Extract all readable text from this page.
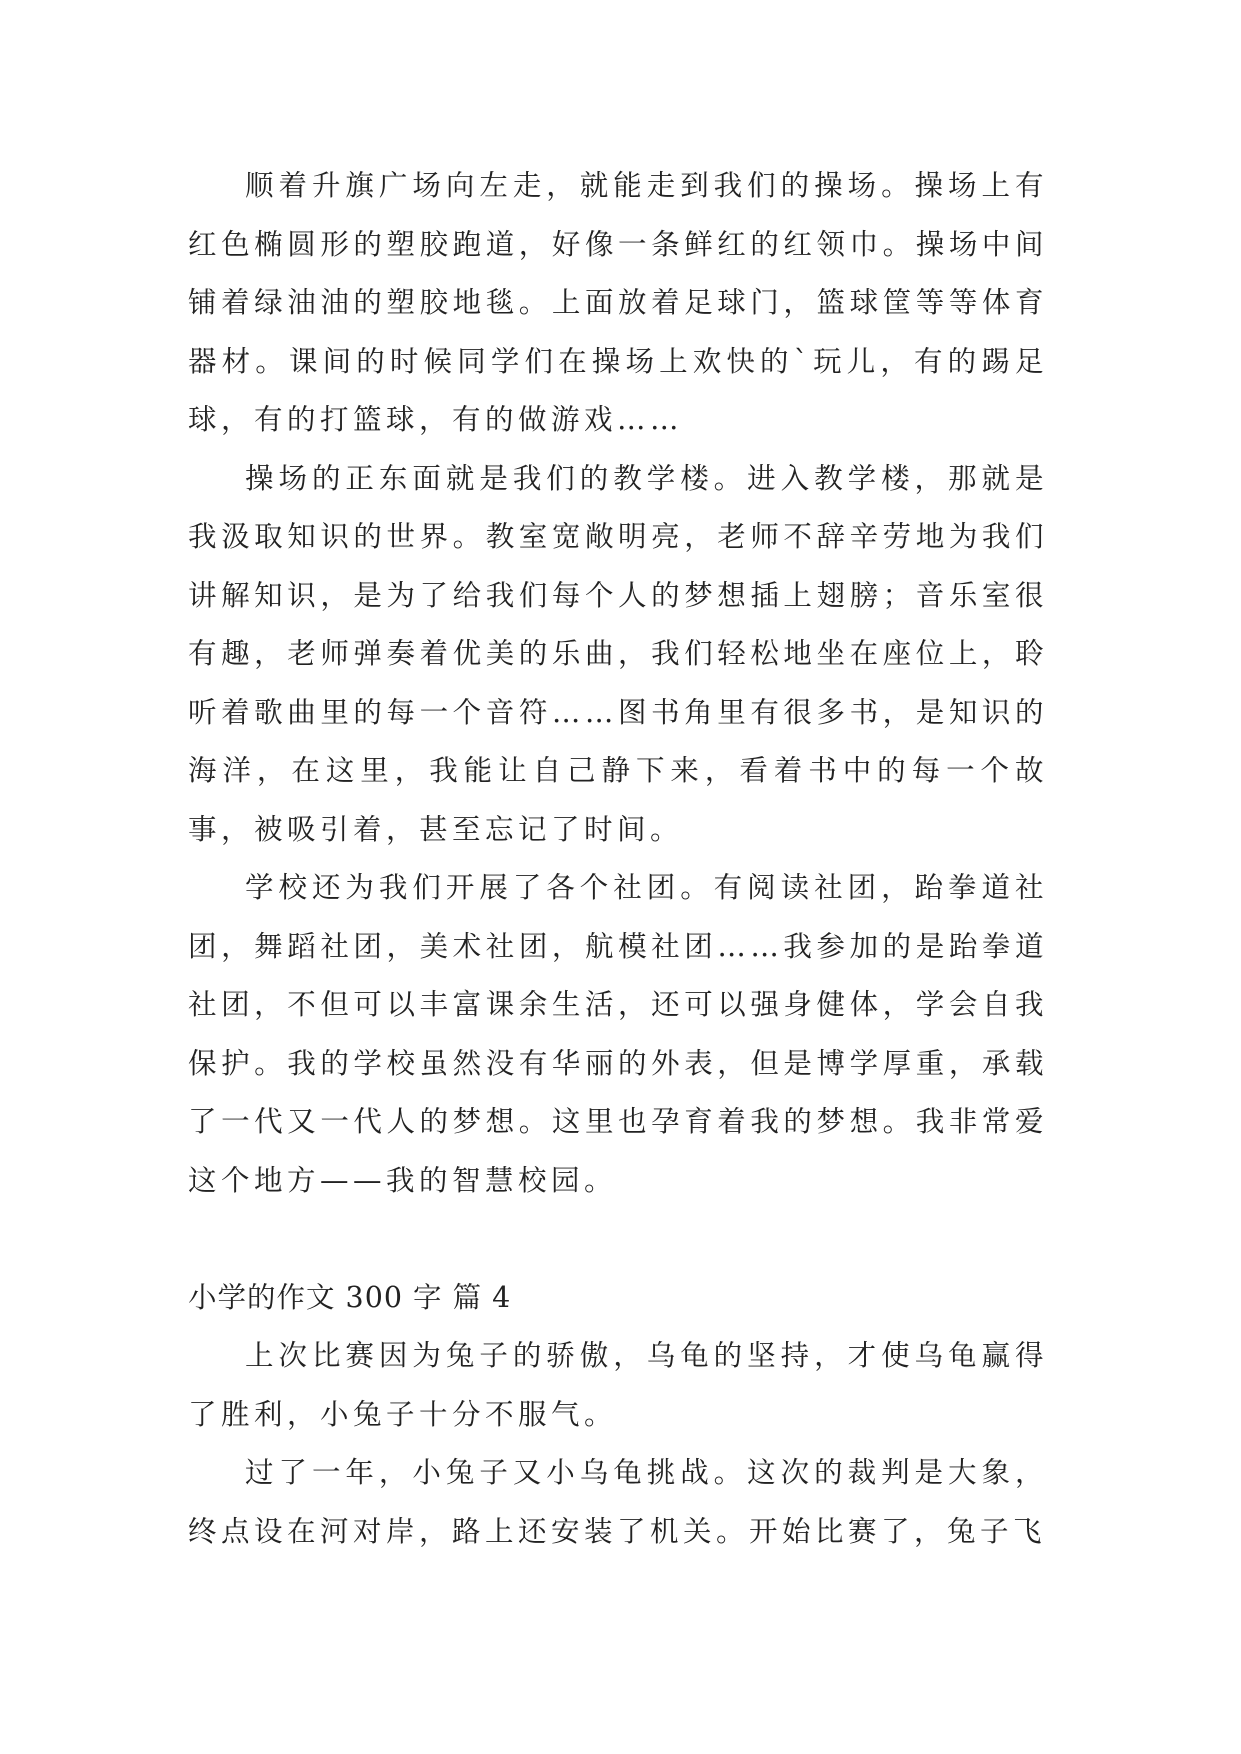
顺着升旗广场向左走，就能走到我们的操场。操场上有红色椭圆形的塑胶跑道，好像一条鲜红的红领巾。操场中间铺着绿油油的塑胶地毯。上面放着足球门，篮球筐等等体育器材。课间的时候同学们在操场上欢快的`玩儿，有的踢足球，有的打篮球，有的做游戏……

操场的正东面就是我们的教学楼。进入教学楼，那就是我汲取知识的世界。教室宽敞明亮，老师不辞辛劳地为我们讲解知识，是为了给我们每个人的梦想插上翅膀；音乐室很有趣，老师弹奏着优美的乐曲，我们轻松地坐在座位上，聆听着歌曲里的每一个音符……图书角里有很多书，是知识的海洋，在这里，我能让自己静下来，看着书中的每一个故事，被吸引着，甚至忘记了时间。

学校还为我们开展了各个社团。有阅读社团，跆拳道社团，舞蹈社团，美术社团，航模社团……我参加的是跆拳道社团，不但可以丰富课余生活，还可以强身健体，学会自我保护。我的学校虽然没有华丽的外表，但是博学厚重，承载了一代又一代人的梦想。这里也孕育着我的梦想。我非常爱这个地方——我的智慧校园。

小学的作文 300 字 篇 4

上次比赛因为兔子的骄傲，乌龟的坚持，才使乌龟赢得了胜利，小兔子十分不服气。

过了一年，小兔子又小乌龟挑战。这次的裁判是大象，终点设在河对岸，路上还安装了机关。开始比赛了，兔子飞
